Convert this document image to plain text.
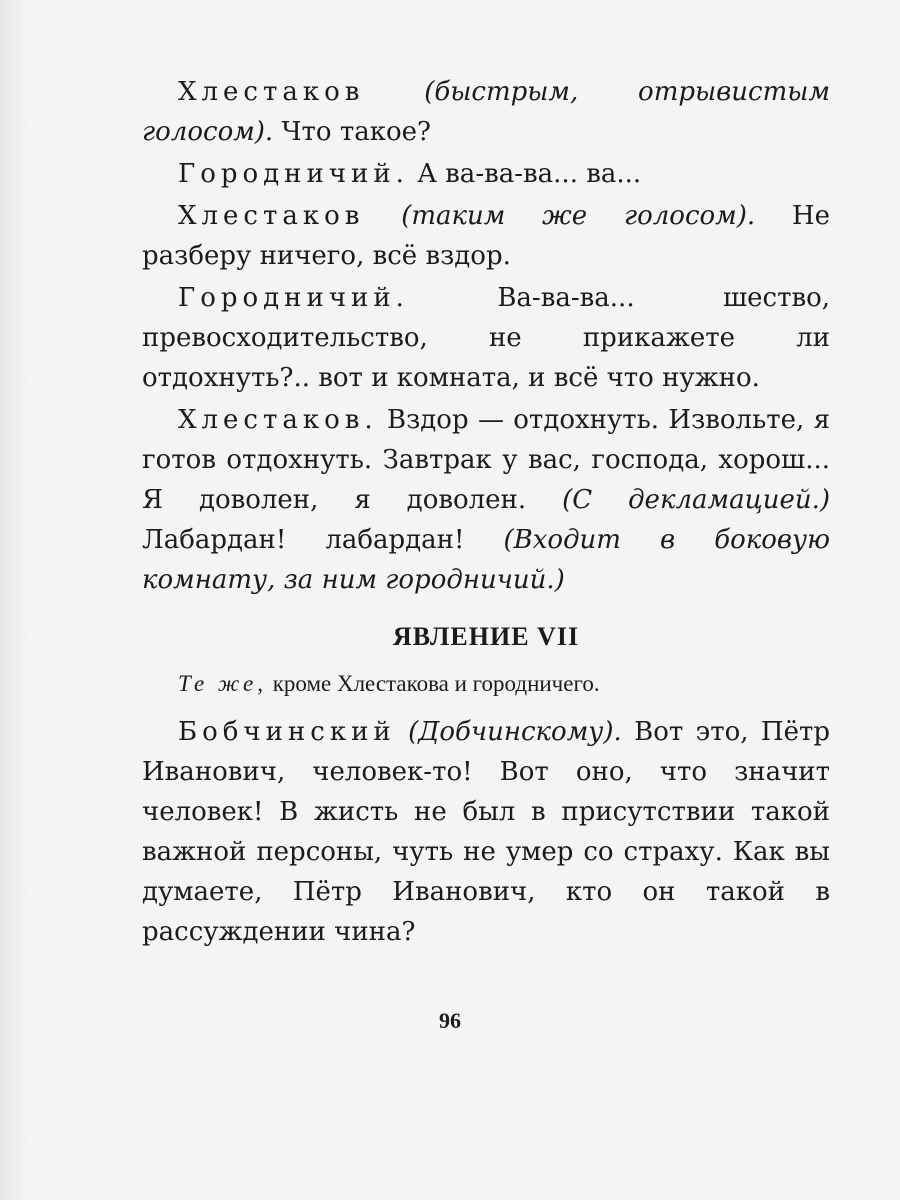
Хлестаков (быстрым, отрывистым голосом). Что такое?

Городничий. А ва-ва-ва... ва...

Хлестаков (таким же голосом). Не разберу ничего, всё вздор.

Городничий.	Ва-ва-ва... шество, превосходительство, не прикажете ли отдохнуть?.. вот и комната, и всё что нужно.

Хлестаков. Вздор — отдохнуть. Извольте, я готов отдохнуть. Завтрак у вас, господа, хорош... Я доволен, я доволен. (С декламацией.) Лабардан! лабардан! (Входит в боковую комнату, за ним городничий.)

ЯВЛЕНИЕ VII
Те же, кроме Хлестакова и городничего.

Бобчинский (Добчинскому). Вот это, Пётр Иванович, человек-то! Вот оно, что значит человек! В жисть не был в присутствии такой важной персоны, чуть не умер со страху. Как вы думаете, Пётр Иванович, кто он такой в рассуждении чина?

96
